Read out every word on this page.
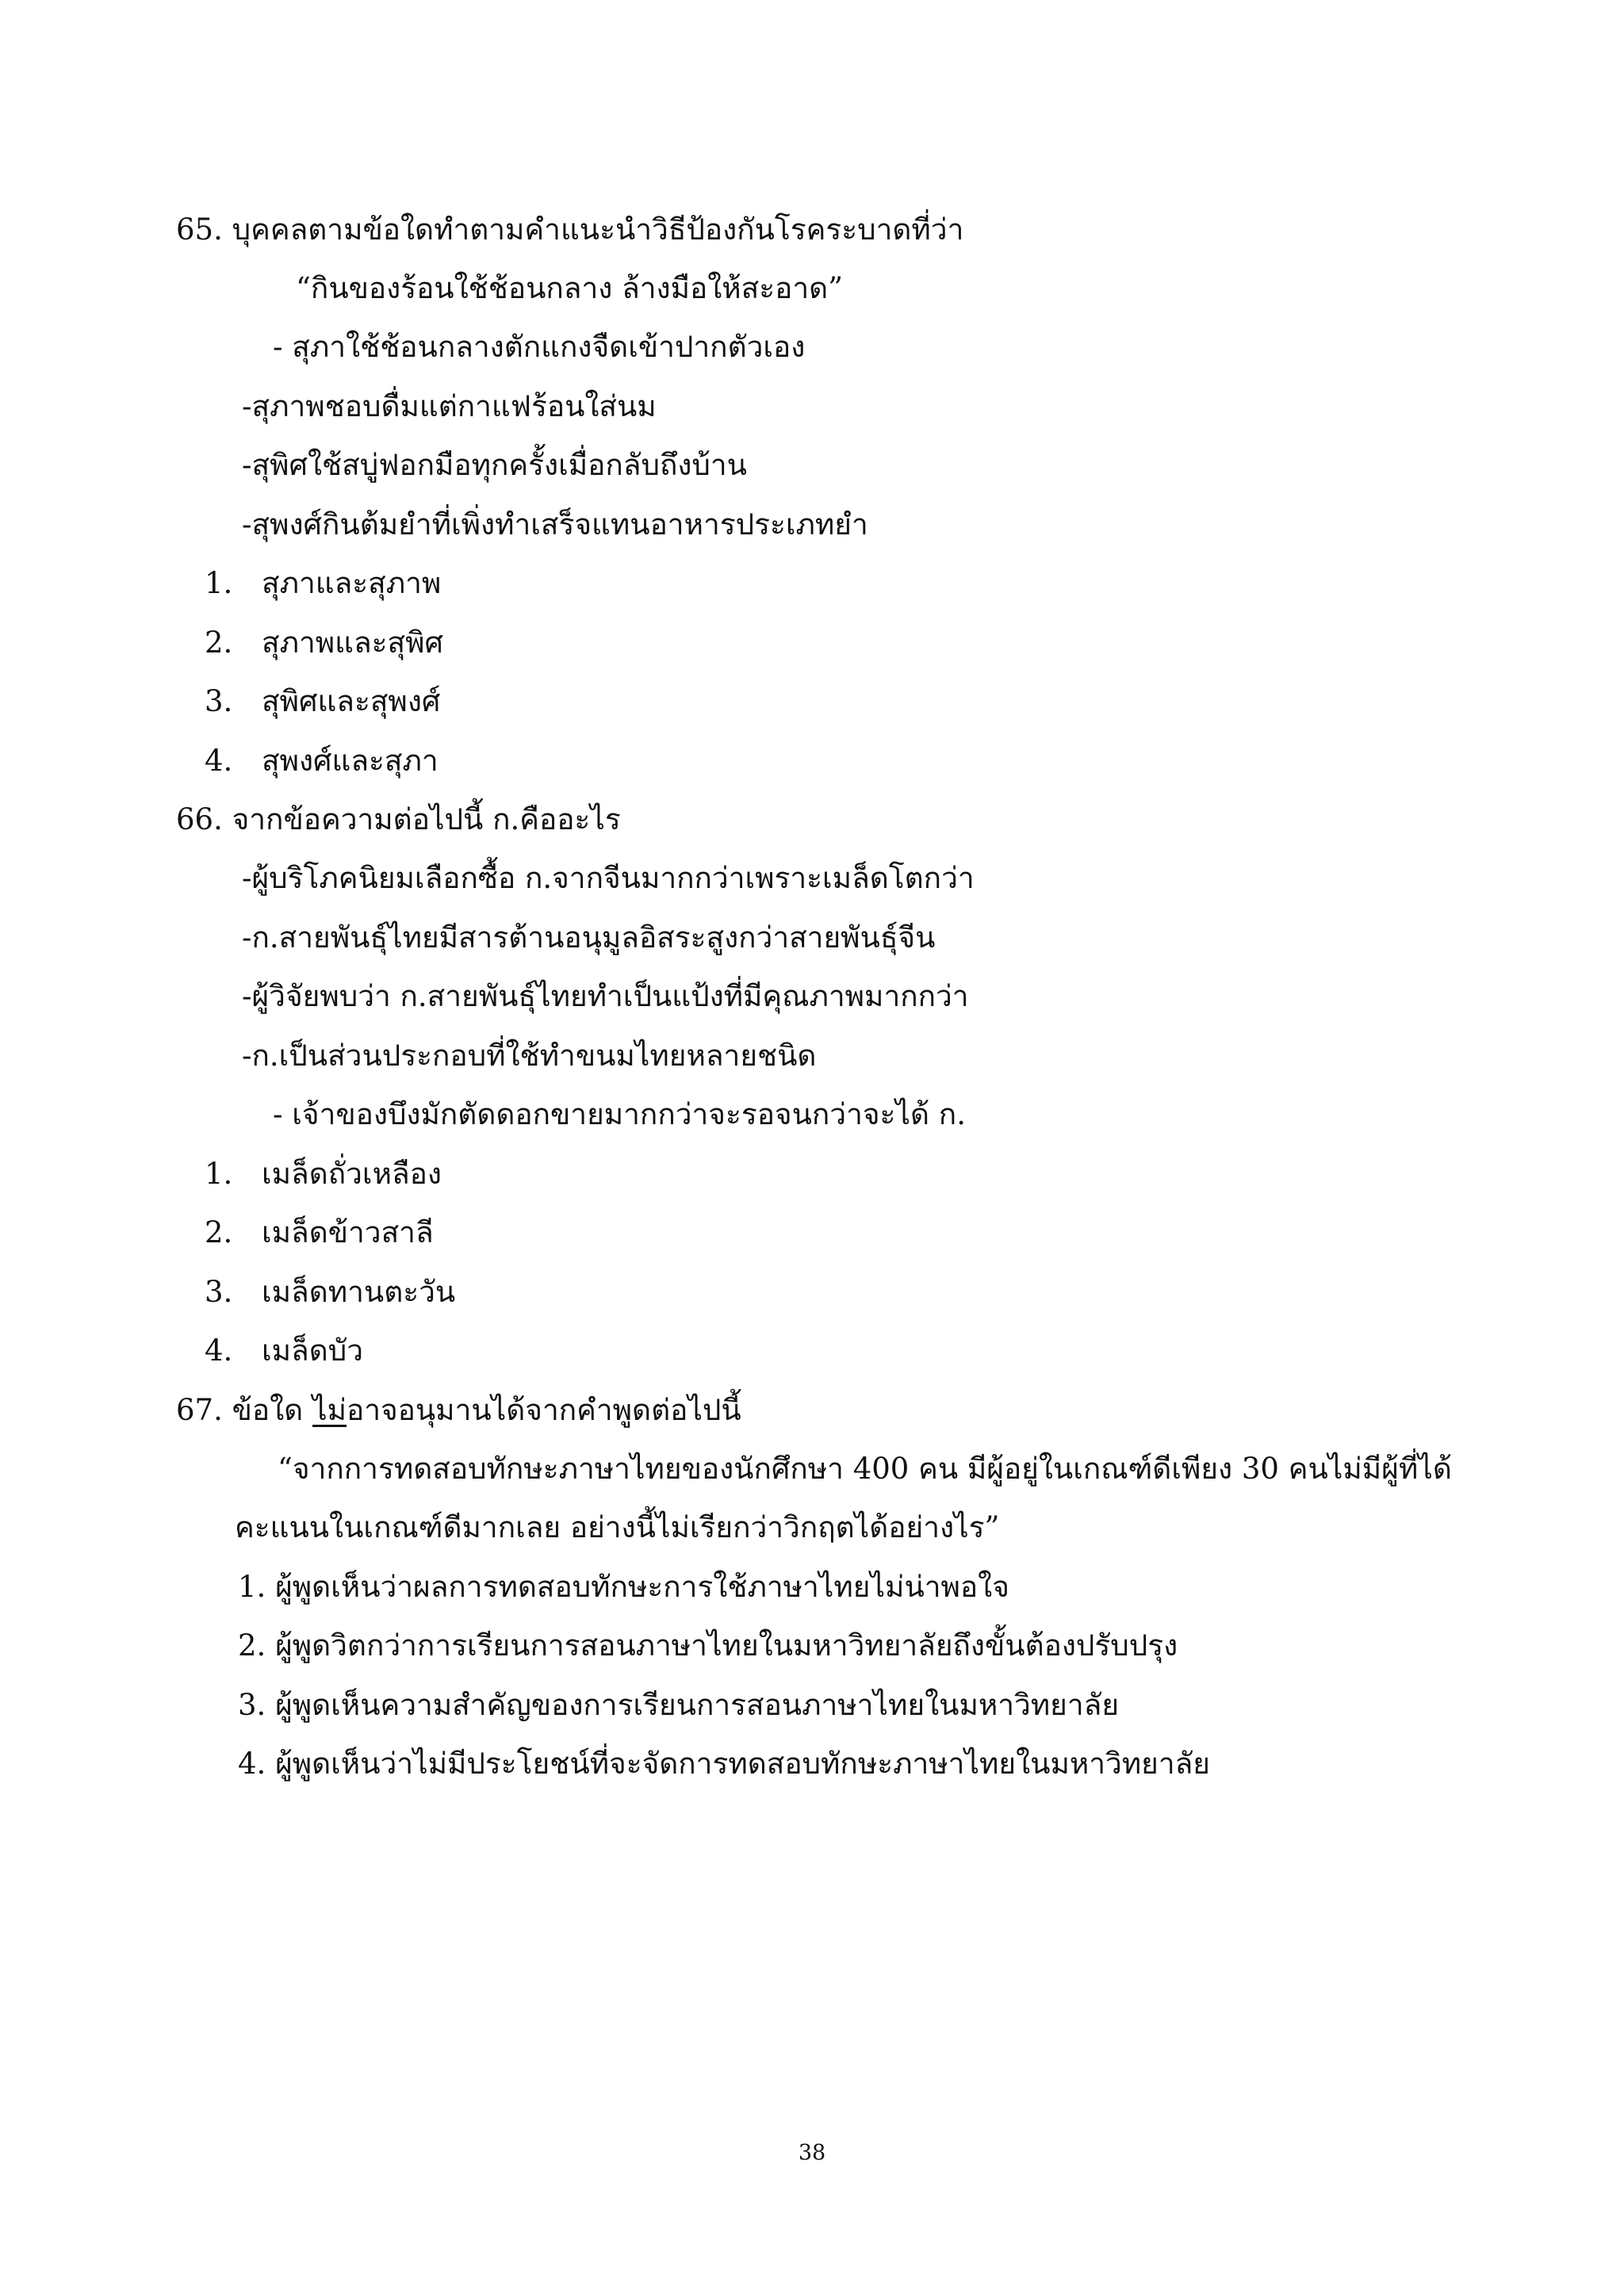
65. บุคคลตามข้อใดทำตามคำแนะนำวิธีป้องกันโรคระบาดที่ว่า
“กินของร้อนใช้ช้อนกลาง ล้างมือให้สะอาด”
- สุภาใช้ช้อนกลางตักแกงจืดเข้าปากตัวเอง
-สุภาพชอบดื่มแต่กาแฟร้อนใส่นม
-สุพิศใช้สบู่ฟอกมือทุกครั้งเมื่อกลับถึงบ้าน
-สุพงศ์กินต้มยำที่เพิ่งทำเสร็จแทนอาหารประเภทยำ
1. สุภาและสุภาพ
2. สุภาพและสุพิศ
3. สุพิศและสุพงศ์
4. สุพงศ์และสุภา
66. จากข้อความต่อไปนี้ ก.คืออะไร
-ผู้บริโภคนิยมเลือกซื้อ ก.จากจีนมากกว่าเพราะเมล็ดโตกว่า
-ก.สายพันธุ์ไทยมีสารต้านอนุมูลอิสระสูงกว่าสายพันธุ์จีน
-ผู้วิจัยพบว่า ก.สายพันธุ์ไทยทำเป็นแป้งที่มีคุณภาพมากกว่า
-ก.เป็นส่วนประกอบที่ใช้ทำขนมไทยหลายชนิด
- เจ้าของบึงมักตัดดอกขายมากกว่าจะรอจนกว่าจะได้ ก.
1. เมล็ดถั่วเหลือง
2. เมล็ดข้าวสาลี
3. เมล็ดทานตะวัน
4. เมล็ดบัว
67. ข้อใด ไม่อาจอนุมานได้จากคำพูดต่อไปนี้
“จากการทดสอบทักษะภาษาไทยของนักศึกษา 400 คน มีผู้อยู่ในเกณฑ์ดีเพียง 30 คนไม่มีผู้ที่ได้
คะแนนในเกณฑ์ดีมากเลย อย่างนี้ไม่เรียกว่าวิกฤตได้อย่างไร”
1. ผู้พูดเห็นว่าผลการทดสอบทักษะการใช้ภาษาไทยไม่น่าพอใจ
2. ผู้พูดวิตกว่าการเรียนการสอนภาษาไทยในมหาวิทยาลัยถึงขั้นต้องปรับปรุง
3. ผู้พูดเห็นความสำคัญของการเรียนการสอนภาษาไทยในมหาวิทยาลัย
4. ผู้พูดเห็นว่าไม่มีประโยชน์ที่จะจัดการทดสอบทักษะภาษาไทยในมหาวิทยาลัย
38
